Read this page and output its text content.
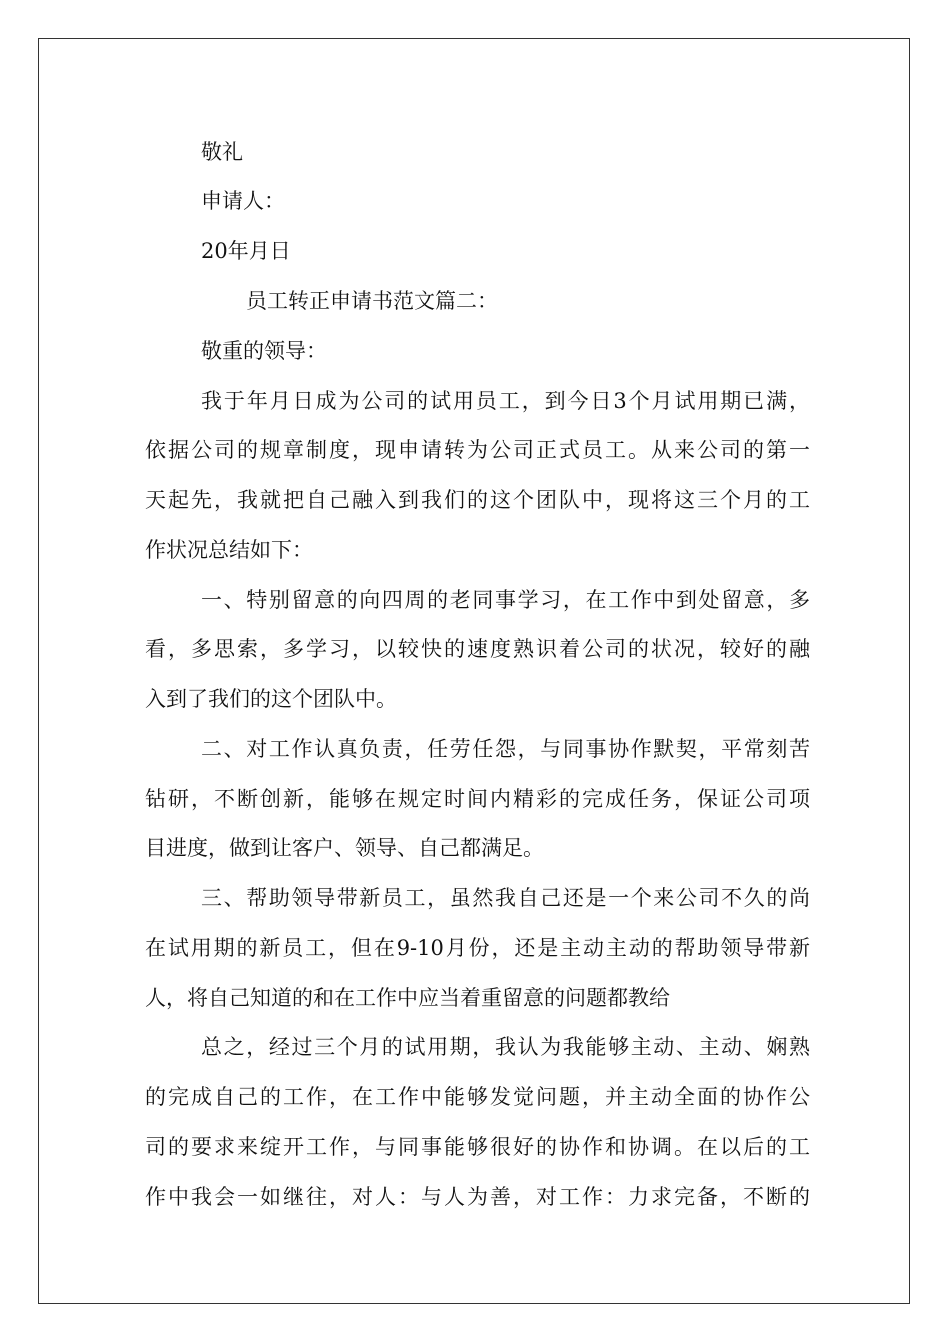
敬礼
申请人：
20年月日
员工转正申请书范文篇二：
敬重的领导：
我于年月日成为公司的试用员工，到今日3个月试用期已满，
依据公司的规章制度，现申请转为公司正式员工。从来公司的第一
天起先，我就把自己融入到我们的这个团队中，现将这三个月的工
作状况总结如下：
一、特别留意的向四周的老同事学习，在工作中到处留意，多
看，多思索，多学习，以较快的速度熟识着公司的状况，较好的融
入到了我们的这个团队中。
二、对工作认真负责，任劳任怨，与同事协作默契，平常刻苦
钻研，不断创新，能够在规定时间内精彩的完成任务，保证公司项
目进度，做到让客户、领导、自己都满足。
三、帮助领导带新员工，虽然我自己还是一个来公司不久的尚
在试用期的新员工，但在9-10月份，还是主动主动的帮助领导带新
人，将自己知道的和在工作中应当着重留意的问题都教给
总之，经过三个月的试用期，我认为我能够主动、主动、娴熟
的完成自己的工作，在工作中能够发觉问题，并主动全面的协作公
司的要求来绽开工作，与同事能够很好的协作和协调。在以后的工
作中我会一如继往，对人：与人为善，对工作：力求完备，不断的
